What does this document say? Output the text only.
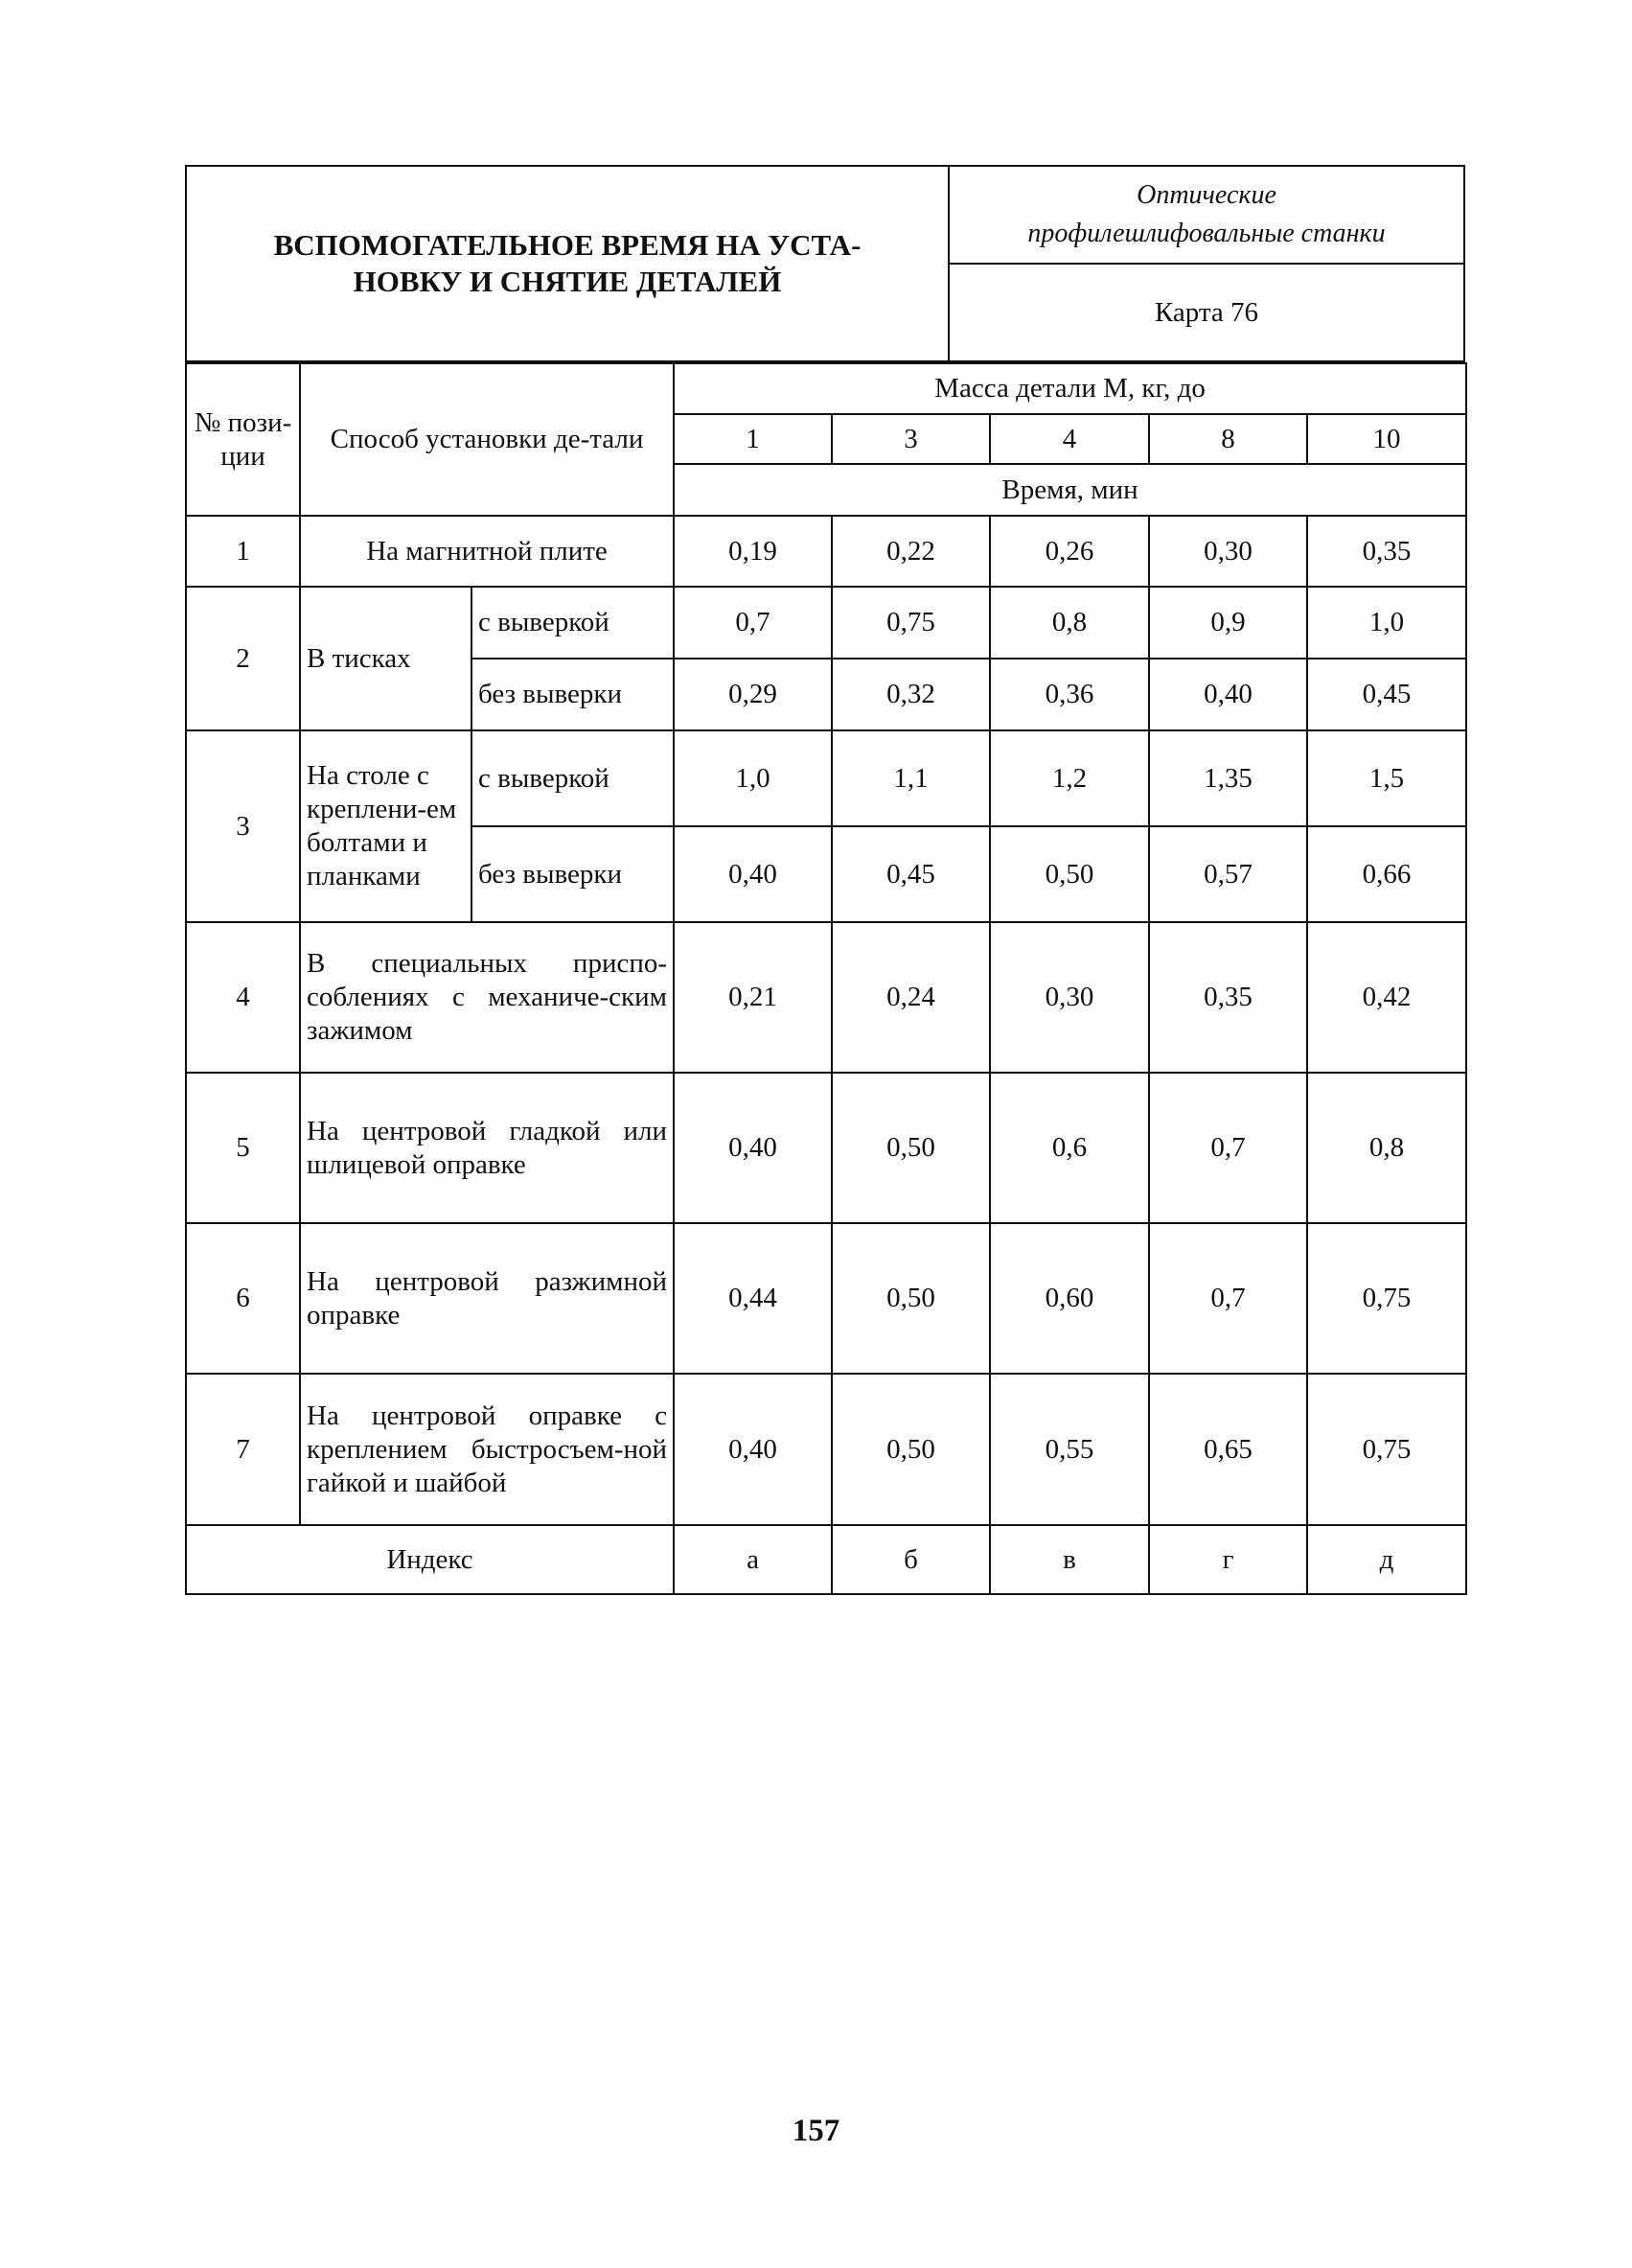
ВСПОМОГАТЕЛЬНОЕ ВРЕМЯ НА УСТА-НОВКУ И СНЯТИЕ ДЕТАЛЕЙ
Оптические
профилешлифовальные станки
Карта 76
№ пози-ции	Способ установки де-тали		Масса детали М, кг, до				
			1	3	4	8	10
			Время, мин				
1	На магнитной плите		0,19	0,22	0,26	0,30	0,35
2	В тисках	с выверкой	0,7	0,75	0,8	0,9	1,0
		без выверки	0,29	0,32	0,36	0,40	0,45
3	На столе с креплени-ем болтами и планками	с выверкой	1,0	1,1	1,2	1,35	1,5
		без выверки	0,40	0,45	0,50	0,57	0,66
4	В специальных приспо-соблениях с механиче-ским зажимом		0,21	0,24	0,30	0,35	0,42
5	На центровой гладкой или шлицевой оправке		0,40	0,50	0,6	0,7	0,8
6	На центровой разжимной оправке		0,44	0,50	0,60	0,7	0,75
7	На центровой оправке с креплением быстросъем-ной гайкой и шайбой		0,40	0,50	0,55	0,65	0,75
Индекс			а	б	в	г	д
157
